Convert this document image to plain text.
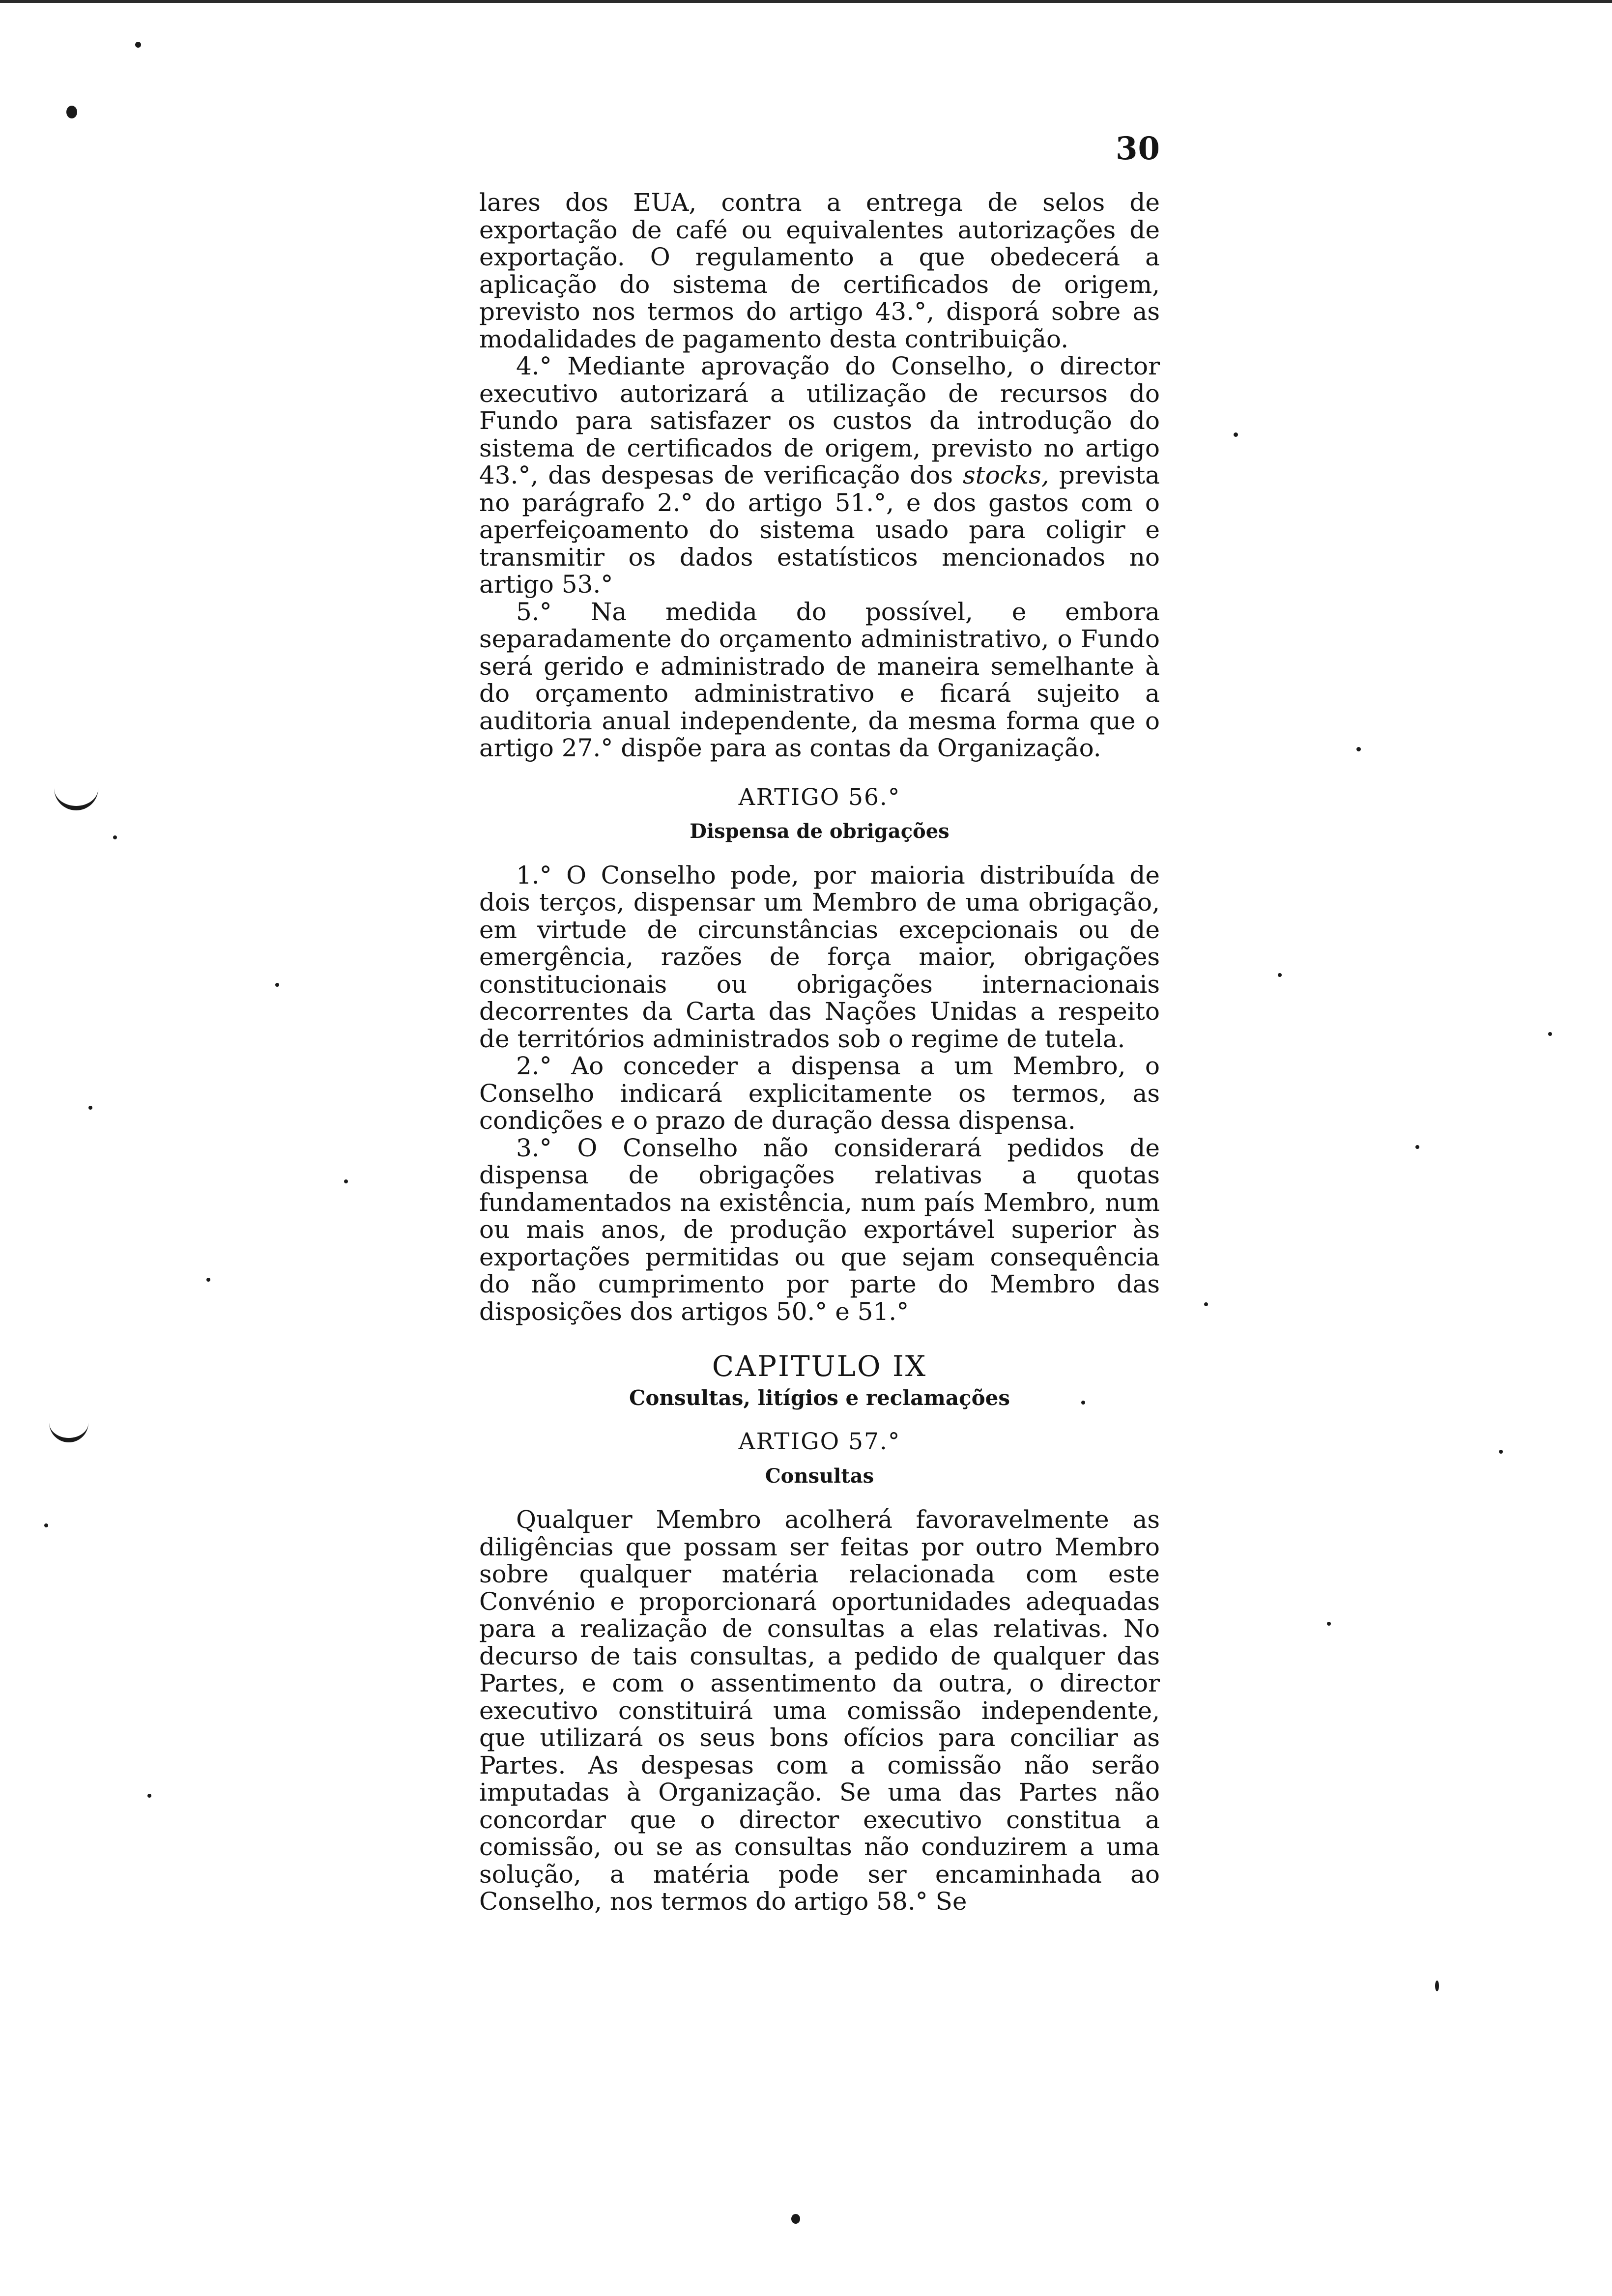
30

lares dos EUA, contra a entrega de selos de exportação de café ou equivalentes autorizações de exportação. O regulamento a que obedecerá a aplicação do sistema de certificados de origem, previsto nos termos do artigo 43.°, disporá sobre as modalidades de pagamento desta contribuição.

4.° Mediante aprovação do Conselho, o director executivo autorizará a utilização de recursos do Fundo para satisfazer os custos da introdução do sistema de certificados de origem, previsto no artigo 43.°, das despesas de verificação dos stocks, prevista no parágrafo 2.° do artigo 51.°, e dos gastos com o aperfeiçoamento do sistema usado para coligir e transmitir os dados estatísticos mencionados no artigo 53.°

5.° Na medida do possível, e embora separadamente do orçamento administrativo, o Fundo será gerido e administrado de maneira semelhante à do orçamento administrativo e ficará sujeito a auditoria anual independente, da mesma forma que o artigo 27.° dispõe para as contas da Organização.

ARTIGO 56.°
Dispensa de obrigações

1.° O Conselho pode, por maioria distribuída de dois terços, dispensar um Membro de uma obrigação, em virtude de circunstâncias excepcionais ou de emergência, razões de força maior, obrigações constitucionais ou obrigações internacionais decorrentes da Carta das Nações Unidas a respeito de territórios administrados sob o regime de tutela.

2.° Ao conceder a dispensa a um Membro, o Conselho indicará explicitamente os termos, as condições e o prazo de duração dessa dispensa.

3.° O Conselho não considerará pedidos de dispensa de obrigações relativas a quotas fundamentados na existência, num país Membro, num ou mais anos, de produção exportável superior às exportações permitidas ou que sejam consequência do não cumprimento por parte do Membro das disposições dos artigos 50.° e 51.°

CAPITULO IX
Consultas, litígios e reclamações
ARTIGO 57.°
Consultas

Qualquer Membro acolherá favoravelmente as diligências que possam ser feitas por outro Membro sobre qualquer matéria relacionada com este Convénio e proporcionará oportunidades adequadas para a realização de consultas a elas relativas. No decurso de tais consultas, a pedido de qualquer das Partes, e com o assentimento da outra, o director executivo constituirá uma comissão independente, que utilizará os seus bons ofícios para conciliar as Partes. As despesas com a comissão não serão imputadas à Organização. Se uma das Partes não concordar que o director executivo constitua a comissão, ou se as consultas não conduzirem a uma solução, a matéria pode ser encaminhada ao Conselho, nos termos do artigo 58.° Se
